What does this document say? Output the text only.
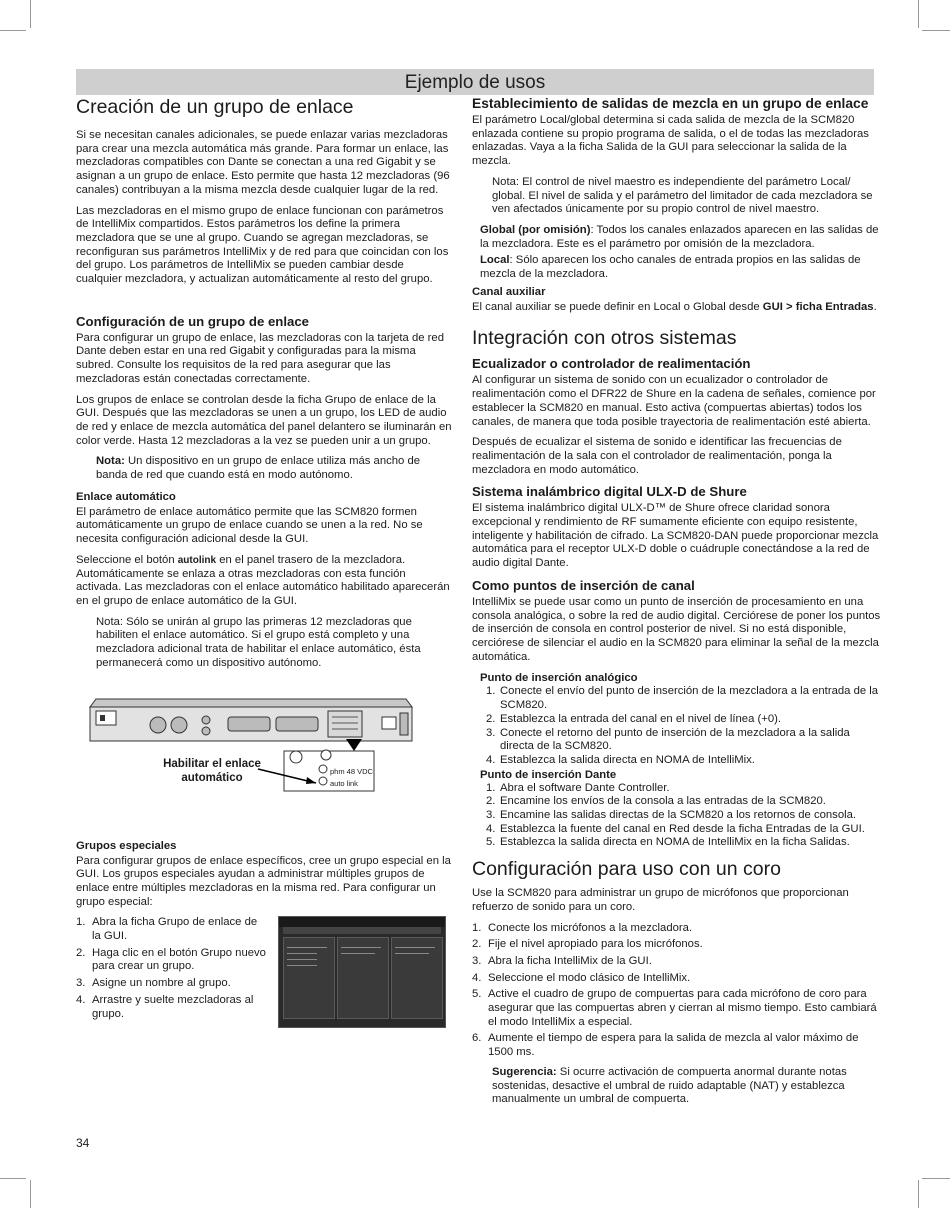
Ejemplo de usos
Creación de un grupo de enlace

Si se necesitan canales adicionales, se puede enlazar varias mezcladoras para crear una mezcla automática más grande. Para formar un enlace, las mezcladoras compatibles con Dante se conectan a una red Gigabit y se asignan a un grupo de enlace. Esto permite que hasta 12 mezcladoras (96 canales) contribuyan a la misma mezcla desde cualquier lugar de la red.

Las mezcladoras en el mismo grupo de enlace funcionan con parámetros de IntelliMix compartidos. Estos parámetros los define la primera mezcladora que se une al grupo. Cuando se agregan mezcladoras, se reconfiguran sus parámetros IntelliMix y de red para que coincidan con los del grupo. Los parámetros de IntelliMix se pueden cambiar desde cualquier mezcladora, y actualizan automáticamente al resto del grupo.

Configuración de un grupo de enlace

Para configurar un grupo de enlace, las mezcladoras con la tarjeta de red Dante deben estar en una red Gigabit y configuradas para la misma subred. Consulte los requisitos de la red para asegurar que las mezcladoras están conectadas correctamente.

Los grupos de enlace se controlan desde la ficha Grupo de enlace de la GUI. Después que las mezcladoras se unen a un grupo, los LED de audio de red y enlace de mezcla automática del panel delantero se iluminarán en color verde. Hasta 12 mezcladoras a la vez se pueden unir a un grupo.

Nota: Un dispositivo en un grupo de enlace utiliza más ancho de banda de red que cuando está en modo autónomo.

Enlace automático

El parámetro de enlace automático permite que las SCM820 formen automáticamente un grupo de enlace cuando se unen a la red. No se necesita configuración adicional desde la GUI.

Seleccione el botón autolink en el panel trasero de la mezcladora. Automáticamente se enlaza a otras mezcladoras con esta función activada. Las mezcladoras con el enlace automático habilitado aparecerán en el grupo de enlace automático de la GUI.

Nota: Sólo se unirán al grupo las primeras 12 mezcladoras que habiliten el enlace automático. Si el grupo está completo y una mezcladora adicional trata de habilitar el enlace automático, ésta permanecerá como un dispositivo autónomo.

Habilitar el enlace
automático
phm 48 VDC
auto link
Grupos especiales

Para configurar grupos de enlace específicos, cree un grupo especial en la GUI. Los grupos especiales ayudan a administrar múltiples grupos de enlace entre múltiples mezcladoras en la misma red. Para configurar un grupo especial:

1. Abra la ficha Grupo de enlace de la GUI.
2. Haga clic en el botón Grupo nuevo para crear un grupo.
3. Asigne un nombre al grupo.
4. Arrastre y suelte mezcladoras al grupo.
Establecimiento de salidas de mezcla en un grupo de enlace

El parámetro Local/global determina si cada salida de mezcla de la SCM820 enlazada contiene su propio programa de salida, o el de todas las mezcladoras enlazadas. Vaya a la ficha Salida de la GUI para seleccionar la salida de la mezcla.

Nota: El control de nivel maestro es independiente del parámetro Local/ global. El nivel de salida y el parámetro del limitador de cada mezcladora se ven afectados únicamente por su propio control de nivel maestro.

Global (por omisión): Todos los canales enlazados aparecen en las salidas de la mezcladora. Este es el parámetro por omisión de la mezcladora.

Local: Sólo aparecen los ocho canales de entrada propios en las salidas de mezcla de la mezcladora.

Canal auxiliar

El canal auxiliar se puede definir en Local o Global desde GUI > ficha Entradas.

Integración con otros sistemas
Ecualizador o controlador de realimentación

Al configurar un sistema de sonido con un ecualizador o controlador de realimentación como el DFR22 de Shure en la cadena de señales, comience por establecer la SCM820 en manual. Esto activa (compuertas abiertas) todos los canales, de manera que toda posible trayectoria de realimentación esté abierta.

Después de ecualizar el sistema de sonido e identificar las frecuencias de realimentación de la sala con el controlador de realimentación, ponga la mezcladora en modo automático.

Sistema inalámbrico digital ULX-D de Shure

El sistema inalámbrico digital ULX-D™ de Shure ofrece claridad sonora excepcional y rendimiento de RF sumamente eficiente con equipo resistente, inteligente y habilitación de cifrado. La SCM820-DAN puede proporcionar mezcla automática para el receptor ULX-D doble o cuádruple conectándose a la red de audio digital Dante.

Como puntos de inserción de canal

IntelliMix se puede usar como un punto de inserción de procesamiento en una consola analógica, o sobre la red de audio digital. Cerciórese de poner los puntos de inserción de consola en control posterior de nivel. Si no está disponible, cerciórese de silenciar el audio en la SCM820 para eliminar la señal de la mezcla automática.

Punto de inserción analógico
1. Conecte el envío del punto de inserción de la mezcladora a la entrada de la SCM820.
2. Establezca la entrada del canal en el nivel de línea (+0).
3. Conecte el retorno del punto de inserción de la mezcladora a la salida directa de la SCM820.
4. Establezca la salida directa en NOMA de IntelliMix.
Punto de inserción Dante
1. Abra el software Dante Controller.
2. Encamine los envíos de la consola a las entradas de la SCM820.
3. Encamine las salidas directas de la SCM820 a los retornos de consola.
4. Establezca la fuente del canal en Red desde la ficha Entradas de la GUI.
5. Establezca la salida directa en NOMA de IntelliMix en la ficha Salidas.
Configuración para uso con un coro

Use la SCM820 para administrar un grupo de micrófonos que proporcionan refuerzo de sonido para un coro.

1. Conecte los micrófonos a la mezcladora.
2. Fije el nivel apropiado para los micrófonos.
3. Abra la ficha IntelliMix de la GUI.
4. Seleccione el modo clásico de IntelliMix.
5. Active el cuadro de grupo de compuertas para cada micrófono de coro para asegurar que las compuertas abren y cierran al mismo tiempo. Esto cambiará el modo IntelliMix a especial.
6. Aumente el tiempo de espera para la salida de mezcla al valor máximo de 1500 ms.

Sugerencia: Si ocurre activación de compuerta anormal durante notas sostenidas, desactive el umbral de ruido adaptable (NAT) y establezca manualmente un umbral de compuerta.

34
